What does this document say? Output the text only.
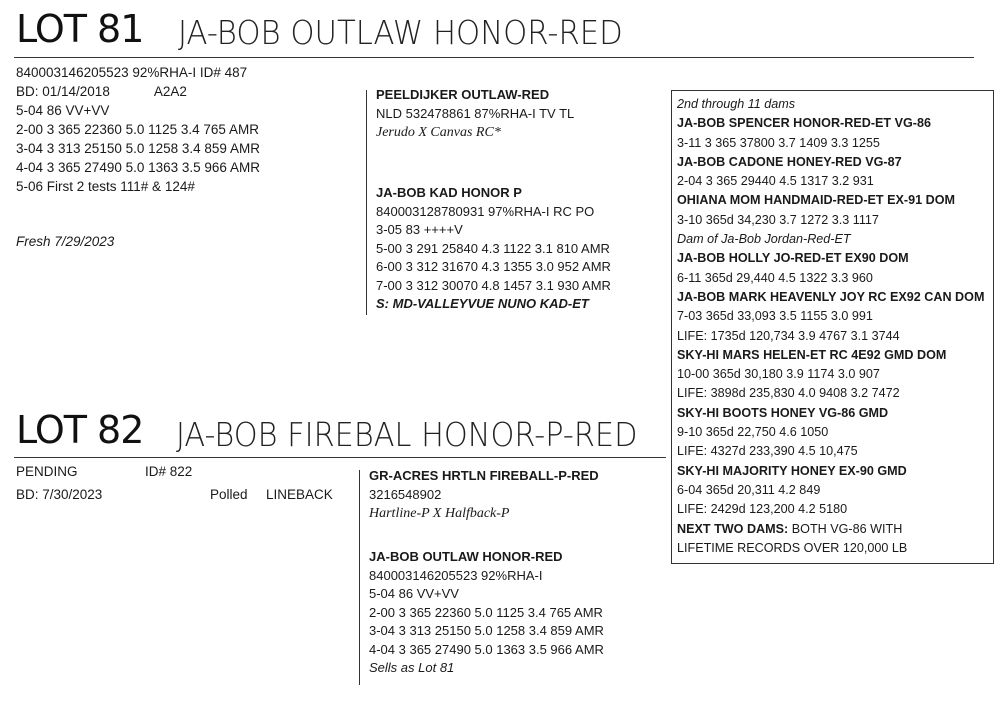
LOT 81 JA-BOB OUTLAW HONOR-RED
840003146205523 92%RHA-I ID# 487
BD: 01/14/2018	A2A2
5-04 86 VV+VV
2-00 3 365 22360 5.0 1125 3.4 765 AMR
3-04 3 313 25150 5.0 1258 3.4 859 AMR
4-04 3 365 27490 5.0 1363 3.5 966 AMR
5-06 First 2 tests 111# & 124#
Fresh 7/29/2023
PEELDIJKER OUTLAW-RED
NLD 532478861 87%RHA-I TV TL
Jerudo X Canvas RC*
JA-BOB KAD HONOR P
840003128780931 97%RHA-I RC PO
3-05 83 ++++V
5-00 3 291 25840 4.3 1122 3.1 810 AMR
6-00 3 312 31670 4.3 1355 3.0 952 AMR
7-00 3 312 30070 4.8 1457 3.1 930 AMR
S: MD-VALLEYVUE NUNO KAD-ET
2nd through 11 dams
JA-BOB SPENCER HONOR-RED-ET VG-86
3-11 3 365 37800 3.7 1409 3.3 1255
JA-BOB CADONE HONEY-RED VG-87
2-04 3 365 29440 4.5 1317 3.2 931
OHIANA MOM HANDMAID-RED-ET EX-91 DOM
3-10 365d 34,230 3.7 1272 3.3 1117
Dam of Ja-Bob Jordan-Red-ET
JA-BOB HOLLY JO-RED-ET EX90 DOM
6-11 365d 29,440 4.5 1322 3.3 960
JA-BOB MARK HEAVENLY JOY RC EX92 CAN DOM
7-03 365d 33,093 3.5 1155 3.0 991
LIFE: 1735d 120,734 3.9 4767 3.1 3744
SKY-HI MARS HELEN-ET RC 4E92 GMD DOM
10-00 365d 30,180 3.9 1174 3.0 907
LIFE: 3898d 235,830 4.0 9408 3.2 7472
SKY-HI BOOTS HONEY VG-86 GMD
9-10 365d 22,750 4.6 1050
LIFE: 4327d 233,390 4.5 10,475
SKY-HI MAJORITY HONEY EX-90 GMD
6-04 365d 20,311 4.2 849
LIFE: 2429d 123,200 4.2 5180
NEXT TWO DAMS: BOTH VG-86 WITH
LIFETIME RECORDS OVER 120,000 LB
LOT 82 JA-BOB FIREBAL HONOR-P-RED
PENDING	ID# 822
BD: 7/30/2023	Polled LINEBACK
GR-ACRES HRTLN FIREBALL-P-RED
3216548902
Hartline-P X Halfback-P
JA-BOB OUTLAW HONOR-RED
840003146205523 92%RHA-I
5-04 86 VV+VV
2-00 3 365 22360 5.0 1125 3.4 765 AMR
3-04 3 313 25150 5.0 1258 3.4 859 AMR
4-04 3 365 27490 5.0 1363 3.5 966 AMR
Sells as Lot 81
